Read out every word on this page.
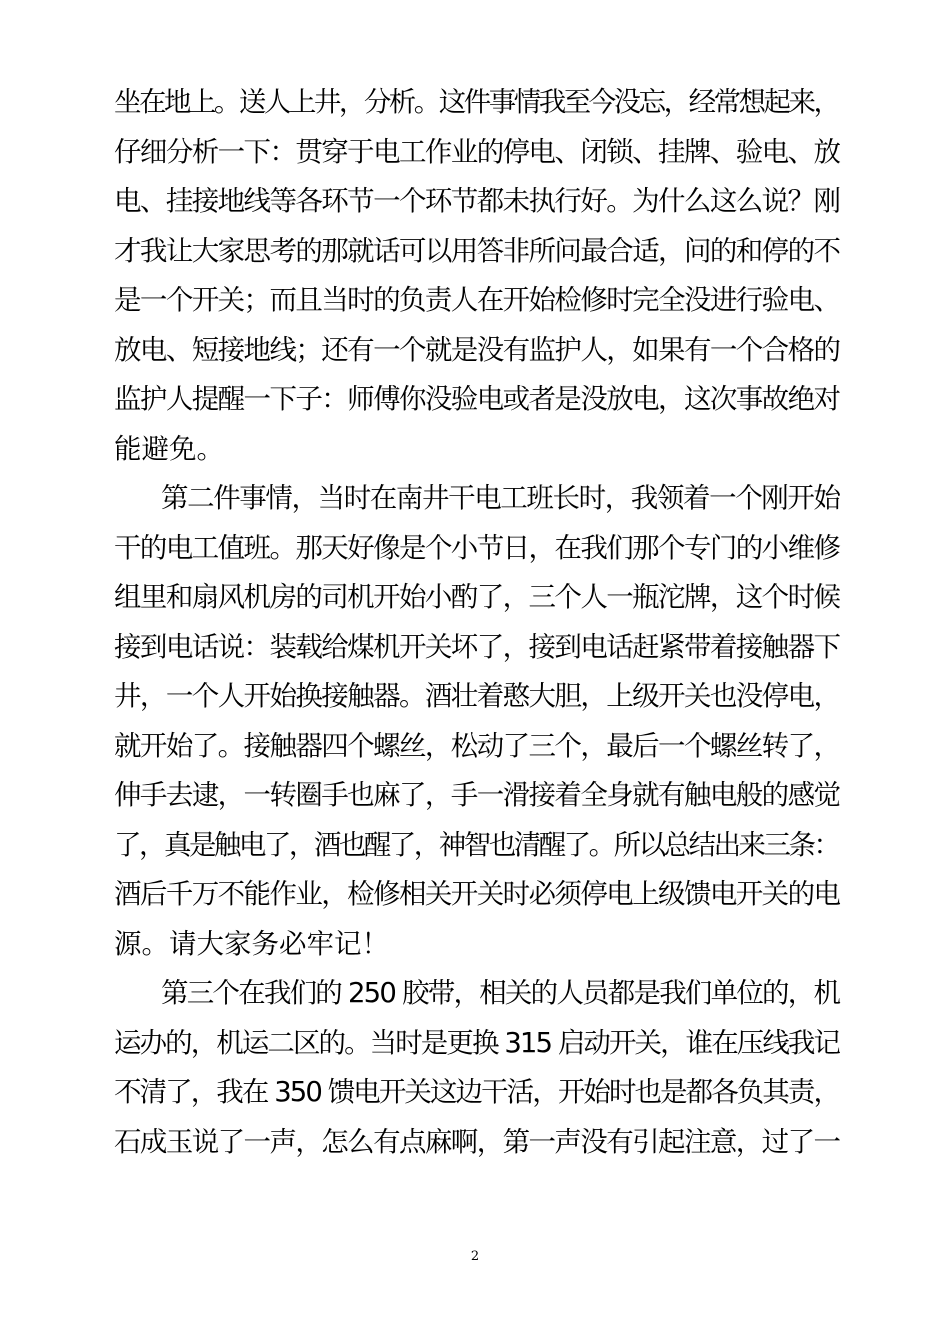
坐在地上。送人上井，分析。这件事情我至今没忘，经常想起来，
仔细分析一下：贯穿于电工作业的停电、闭锁、挂牌、验电、放
电、挂接地线等各环节一个环节都未执行好。为什么这么说？刚
才我让大家思考的那就话可以用答非所问最合适，问的和停的不
是一个开关；而且当时的负责人在开始检修时完全没进行验电、
放电、短接地线；还有一个就是没有监护人，如果有一个合格的
监护人提醒一下子：师傅你没验电或者是没放电，这次事故绝对
能避免。
第二件事情，当时在南井干电工班长时，我领着一个刚开始
干的电工值班。那天好像是个小节日，在我们那个专门的小维修
组里和扇风机房的司机开始小酌了，三个人一瓶沱牌，这个时候
接到电话说：装载给煤机开关坏了，接到电话赶紧带着接触器下
井，一个人开始换接触器。酒壮着憨大胆，上级开关也没停电，
就开始了。接触器四个螺丝，松动了三个，最后一个螺丝转了，
伸手去逮，一转圈手也麻了，手一滑接着全身就有触电般的感觉
了，真是触电了，酒也醒了，神智也清醒了。所以总结出来三条：
酒后千万不能作业，检修相关开关时必须停电上级馈电开关的电
源。请大家务必牢记！
第三个在我们的 250 胶带，相关的人员都是我们单位的，机
运办的，机运二区的。当时是更换 315 启动开关，谁在压线我记
不清了，我在 350 馈电开关这边干活，开始时也是都各负其责，
石成玉说了一声，怎么有点麻啊，第一声没有引起注意，过了一
2
